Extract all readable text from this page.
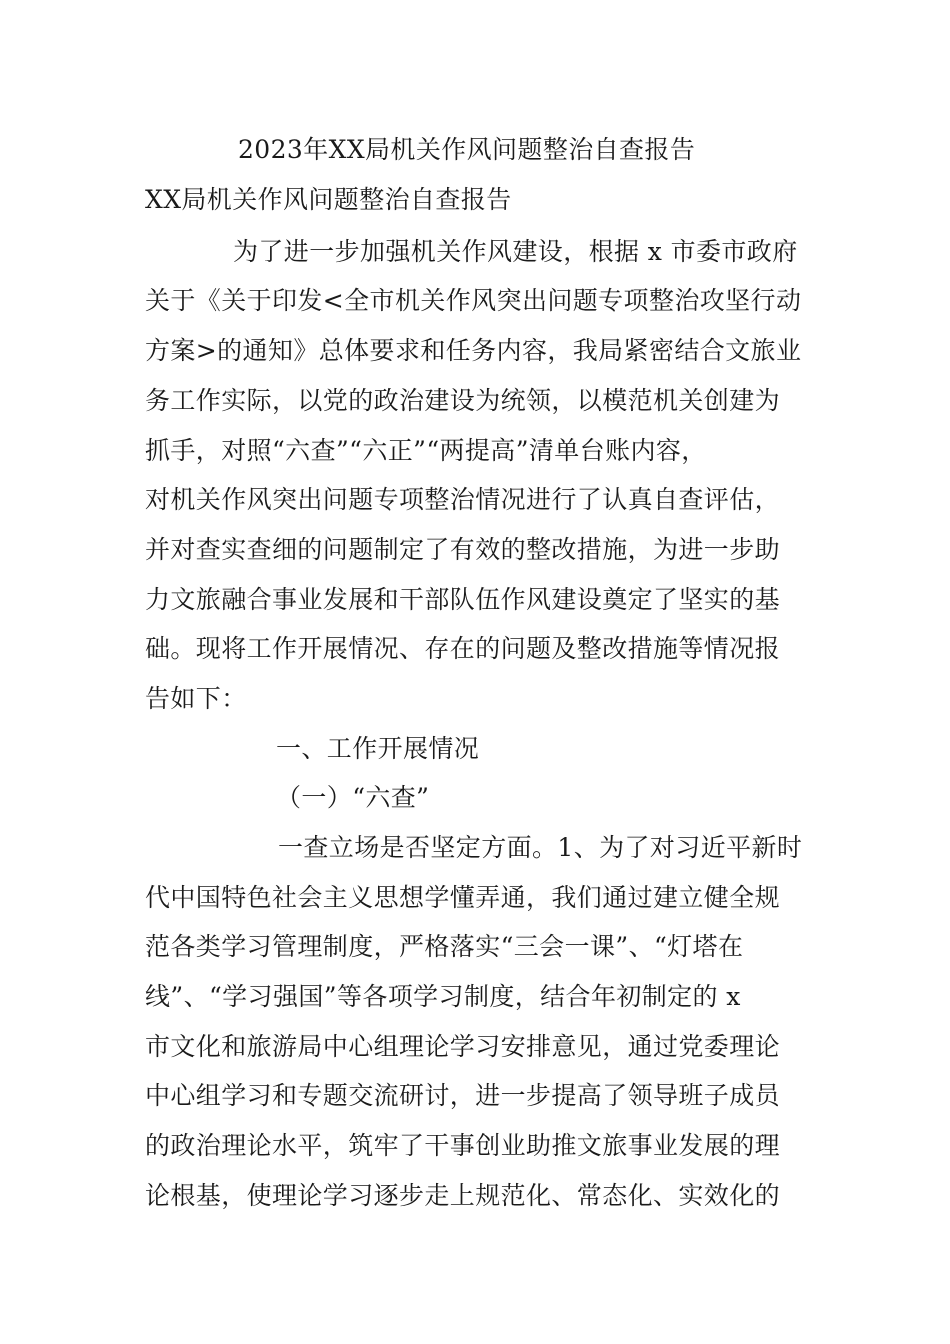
2023年XX局机关作风问题整治自查报告
XX局机关作风问题整治自查报告
为了进一步加强机关作风建设，根据 x 市委市政府
关于《关于印发<全市机关作风突出问题专项整治攻坚行动
方案>的通知》总体要求和任务内容，我局紧密结合文旅业
务工作实际，以党的政治建设为统领，以模范机关创建为
抓手，对照“六查”“六正”“两提高”清单台账内容，
对机关作风突出问题专项整治情况进行了认真自查评估，
并对查实查细的问题制定了有效的整改措施，为进一步助
力文旅融合事业发展和干部队伍作风建设奠定了坚实的基
础。现将工作开展情况、存在的问题及整改措施等情况报
告如下：
一、工作开展情况
（一）“六查”
一查立场是否坚定方面。1、为了对习近平新时
代中国特色社会主义思想学懂弄通，我们通过建立健全规
范各类学习管理制度，严格落实“三会一课”、“灯塔在
线”、“学习强国”等各项学习制度，结合年初制定的 x
市文化和旅游局中心组理论学习安排意见，通过党委理论
中心组学习和专题交流研讨，进一步提高了领导班子成员
的政治理论水平，筑牢了干事创业助推文旅事业发展的理
论根基，使理论学习逐步走上规范化、常态化、实效化的
